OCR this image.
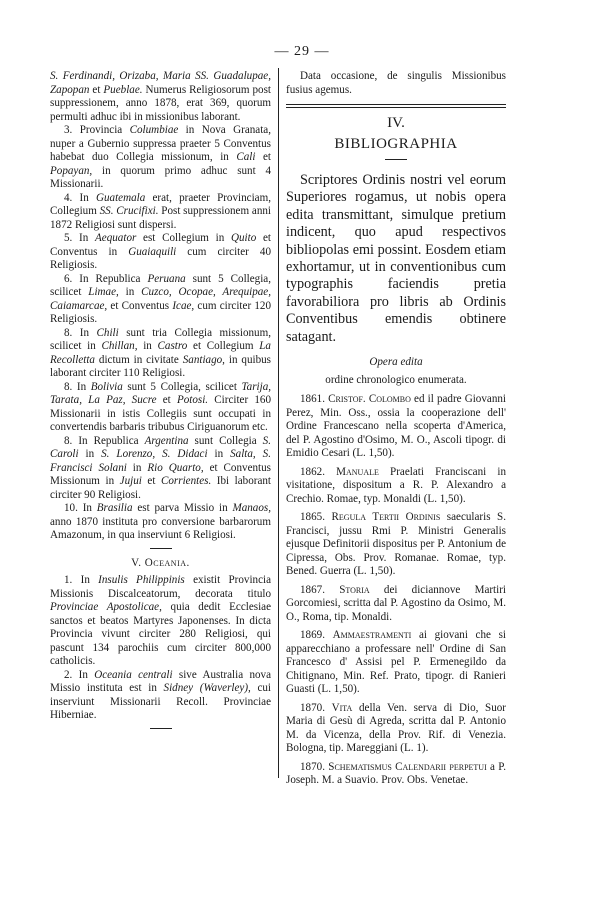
— 29 —

S. Ferdinandi, Orizaba, Maria SS. Guadalupae, Zapopan et Pueblae. Numerus Religiosorum post suppressionem, anno 1878, erat 369, quorum permulti adhuc ibi in missionibus laborant.

3. Provincia Columbiae in Nova Granata, nuper a Gubernio suppressa praeter 5 Conventus habebat duo Collegia missionum, in Cali et Popayan, in quorum primo adhuc sunt 4 Missionarii.

4. In Guatemala erat, praeter Provinciam, Collegium SS. Crucifixi. Post suppressionem anni 1872 Religiosi sunt dispersi.

5. In Aequator est Collegium in Quito et Conventus in Guaiaquili cum circiter 40 Religiosis.

6. In Republica Peruana sunt 5 Collegia, scilicet Limae, in Cuzco, Ocopae, Arequipae, Caiamarcae, et Conventus Icae, cum circiter 120 Religiosis.

8. In Chili sunt tria Collegia missionum, scilicet in Chillan, in Castro et Collegium La Recolletta dictum in civitate Santiago, in quibus laborant circiter 110 Religiosi.

8. In Bolivia sunt 5 Collegia, scilicet Tarija, Tarata, La Paz, Sucre et Potosi. Circiter 160 Missionarii in istis Collegiis sunt occupati in convertendis barbaris tribubus Ciriguanorum etc.

8. In Republica Argentina sunt Collegia S. Caroli in S. Lorenzo, S. Didaci in Salta, S. Francisci Solani in Rio Quarto, et Conventus Missionum in Jujui et Corrientes. Ibi laborant circiter 90 Religiosi.

10. In Brasilia est parva Missio in Manaos, anno 1870 instituta pro conversione barbarorum Amazonum, in qua inserviunt 6 Religiosi.

V. Oceania.

1. In Insulis Philippinis existit Provincia Missionis Discalceatorum, decorata titulo Provinciae Apostolicae, quia dedit Ecclesiae sanctos et beatos Martyres Japonenses. In dicta Provincia vivunt circiter 280 Religiosi, qui pascunt 134 parochiis cum circiter 800,000 catholicis.

2. In Oceania centrali sive Australia nova Missio instituta est in Sidney (Waverley), cui inserviunt Missionarii Recoll. Provinciae Hiberniae.

Data occasione, de singulis Missionibus fusius agemus.

IV.
BIBLIOGRAPHIA

Scriptores Ordinis nostri vel eorum Superiores rogamus, ut nobis opera edita transmittant, simulque pretium indicent, quo apud respectivos bibliopolas emi possint. Eosdem etiam exhortamur, ut in conventionibus cum typographis faciendis pretia favorabiliora pro libris ab Ordinis Conventibus emendis obtinere satagant.

Opera edita
ordine chronologico enumerata.

1861. Cristof. Colombo ed il padre Giovanni Perez, Min. Oss., ossia la cooperazione dell' Ordine Francescano nella scoperta d'America, del P. Agostino d'Osimo, M. O., Ascoli tipogr. di Emidio Cesari (L. 1,50).

1862. Manuale Praelati Franciscani in visitatione, dispositum a R. P. Alexandro a Crechio. Romae, typ. Monaldi (L. 1,50).

1865. Regula Tertii Ordinis saecularis S. Francisci, jussu Rmi P. Ministri Generalis ejusque Definitorii dispositus per P. Antonium de Cipressa, Obs. Prov. Romanae. Romae, typ. Bened. Guerra (L. 1,50).

1867. Storia dei diciannove Martiri Gorcomiesi, scritta dal P. Agostino da Osimo, M. O., Roma, tip. Monaldi.

1869. Ammaestramenti ai giovani che si apparecchiano a professare nell' Ordine di San Francesco d' Assisi pel P. Ermenegildo da Chitignano, Min. Ref. Prato, tipogr. di Ranieri Guasti (L. 1,50).

1870. Vita della Ven. serva di Dio, Suor Maria di Gesù di Agreda, scritta dal P. Antonio M. da Vicenza, della Prov. Rif. di Venezia. Bologna, tip. Mareggiani (L. 1).

1870. Schematismus Calendarii perpetui a P. Joseph. M. a Suavio. Prov. Obs. Venetae.
